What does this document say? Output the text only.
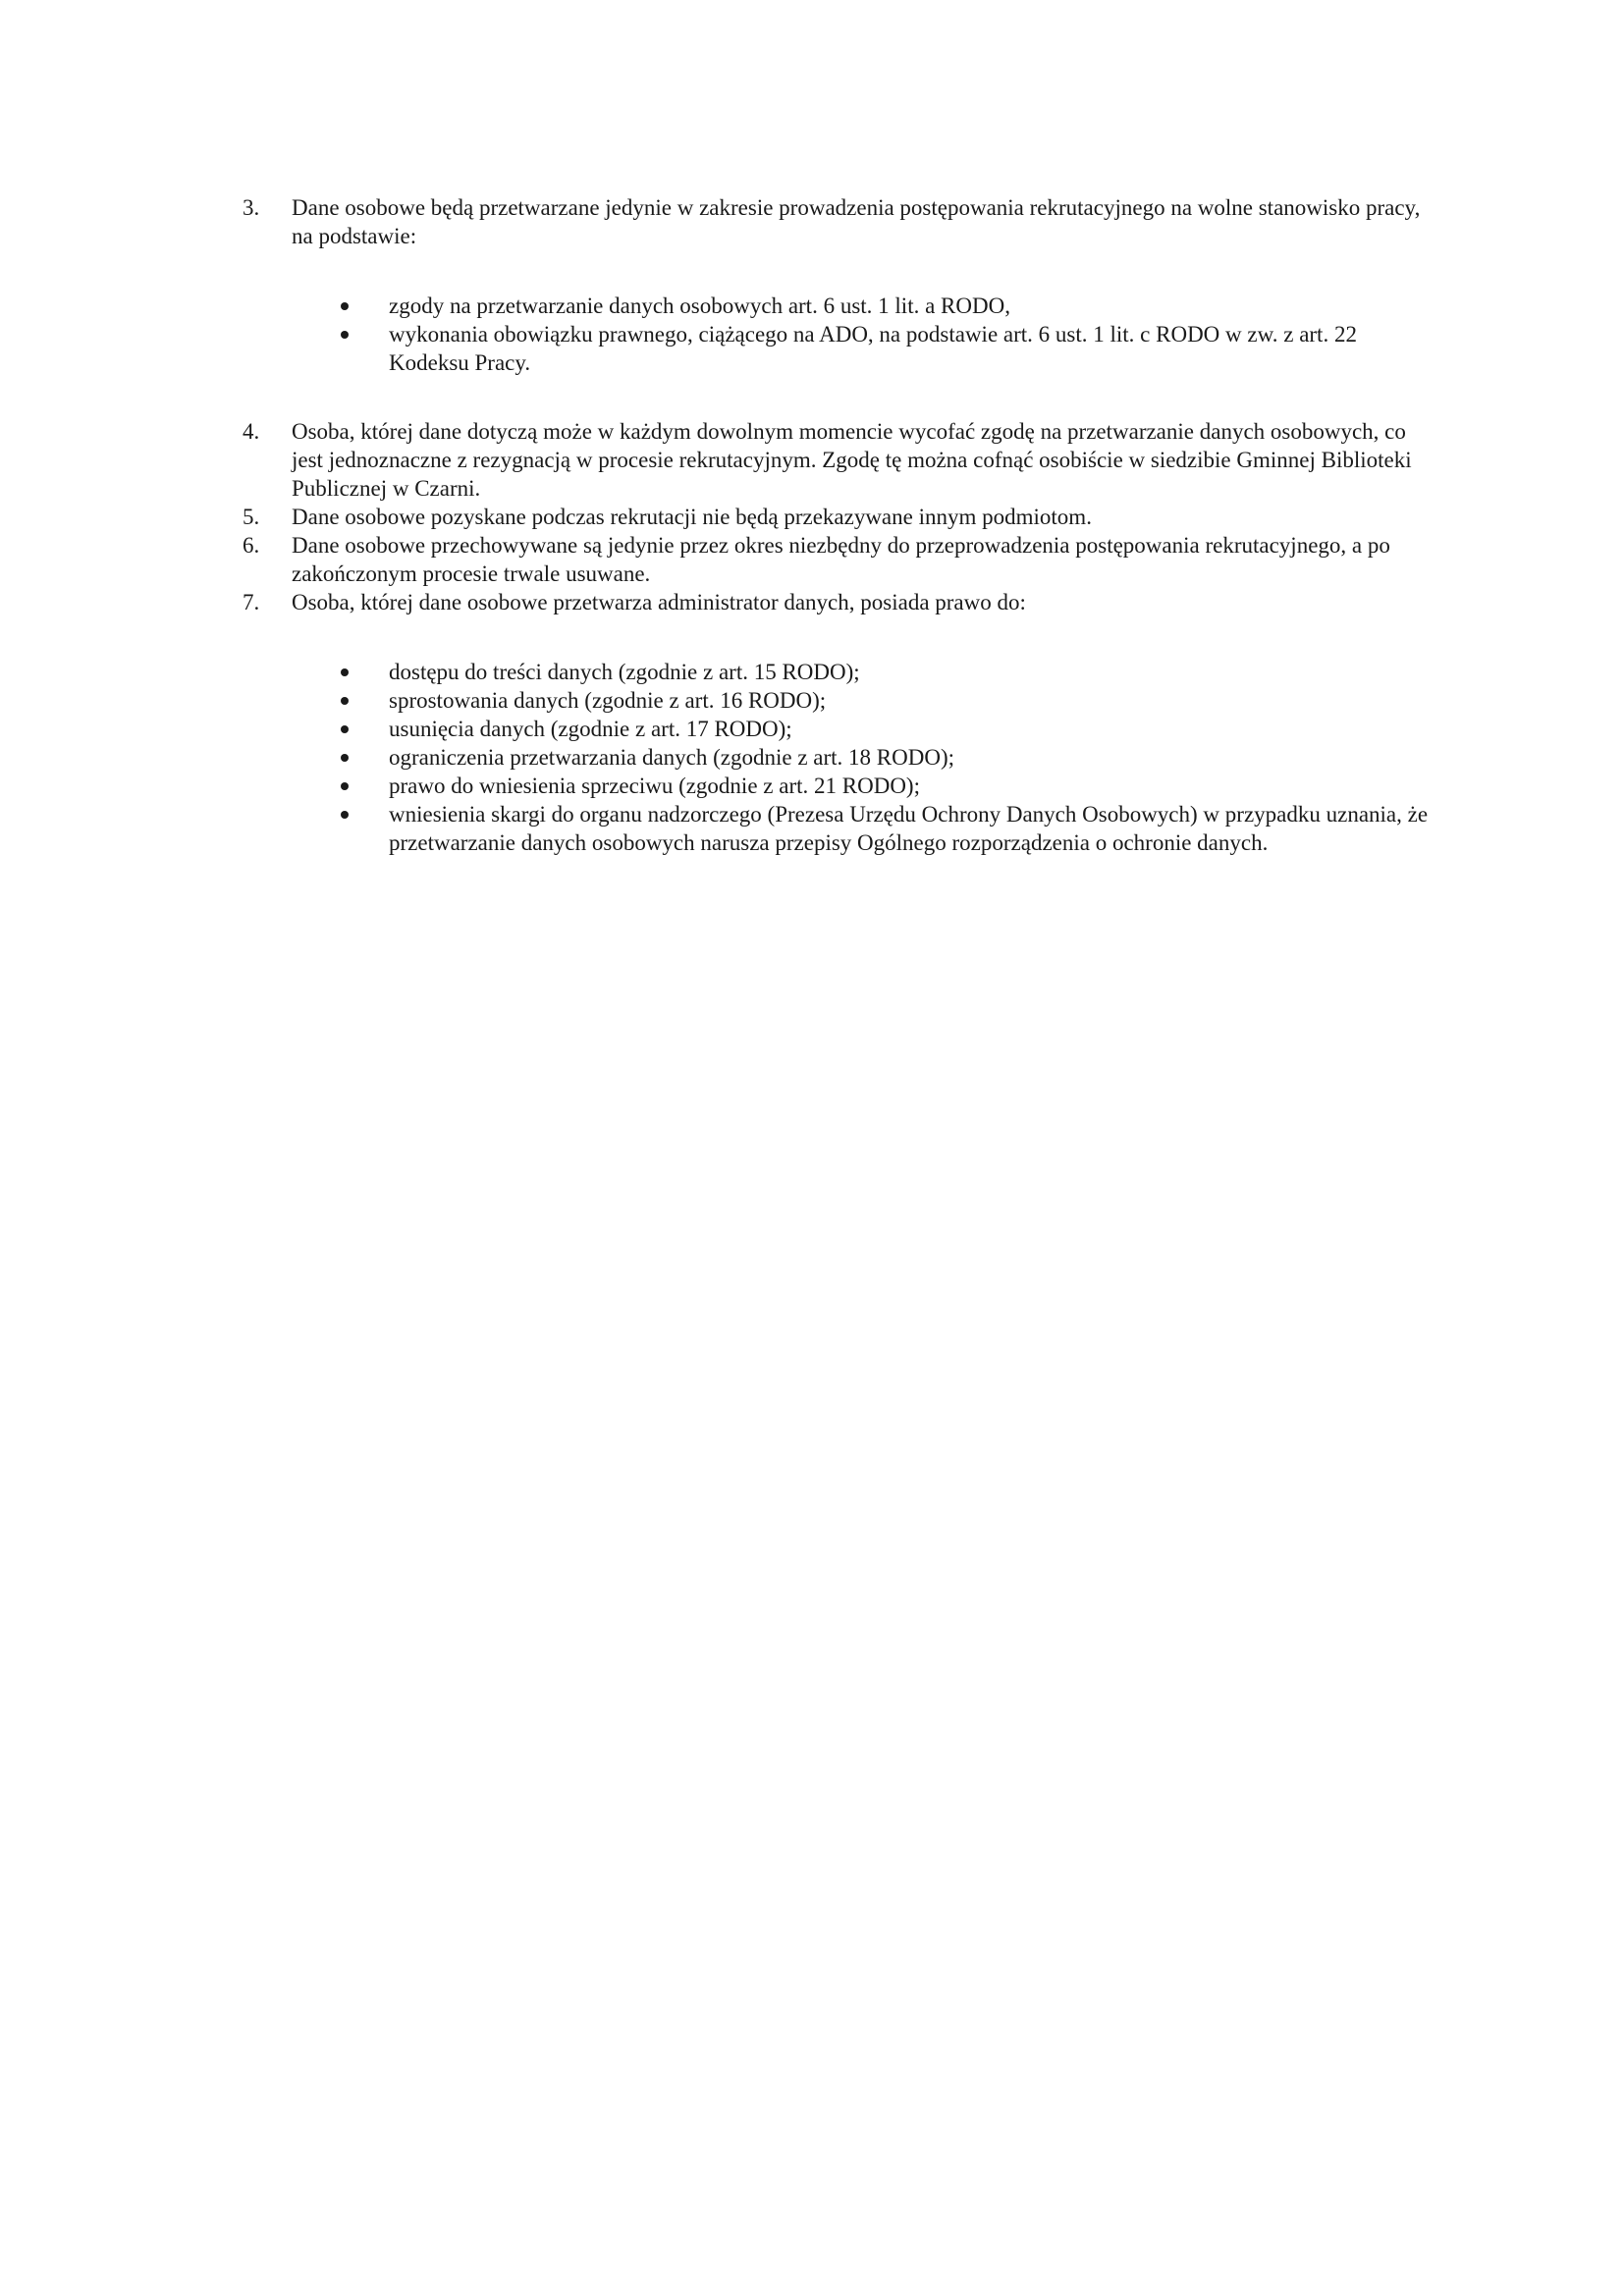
3.	Dane osobowe będą przetwarzane jedynie w zakresie prowadzenia postępowania rekrutacyjnego na wolne stanowisko pracy, na podstawie:
zgody na przetwarzanie danych osobowych art. 6 ust. 1 lit. a RODO,
wykonania obowiązku prawnego, ciążącego na ADO, na podstawie art. 6 ust. 1 lit. c RODO w zw. z art. 22 Kodeksu Pracy.
4.	Osoba, której dane dotyczą może w każdym dowolnym momencie wycofać zgodę na przetwarzanie danych osobowych, co jest jednoznaczne z rezygnacją w procesie rekrutacyjnym. Zgodę tę można cofnąć osobiście w siedzibie Gminnej Biblioteki Publicznej w Czarni.
5.	Dane osobowe pozyskane podczas rekrutacji nie będą przekazywane innym podmiotom.
6.	Dane osobowe przechowywane są jedynie przez okres niezbędny do przeprowadzenia postępowania rekrutacyjnego, a po zakończonym procesie trwale usuwane.
7.	Osoba, której dane osobowe przetwarza administrator danych, posiada prawo do:
dostępu do treści danych (zgodnie z art. 15 RODO);
sprostowania danych (zgodnie z art. 16 RODO);
usunięcia danych (zgodnie z art. 17 RODO);
ograniczenia przetwarzania danych (zgodnie z art. 18 RODO);
prawo do wniesienia sprzeciwu (zgodnie z art. 21 RODO);
wniesienia skargi do organu nadzorczego (Prezesa Urzędu Ochrony Danych Osobowych) w przypadku uznania, że przetwarzanie danych osobowych narusza przepisy Ogólnego rozporządzenia o ochronie danych.
